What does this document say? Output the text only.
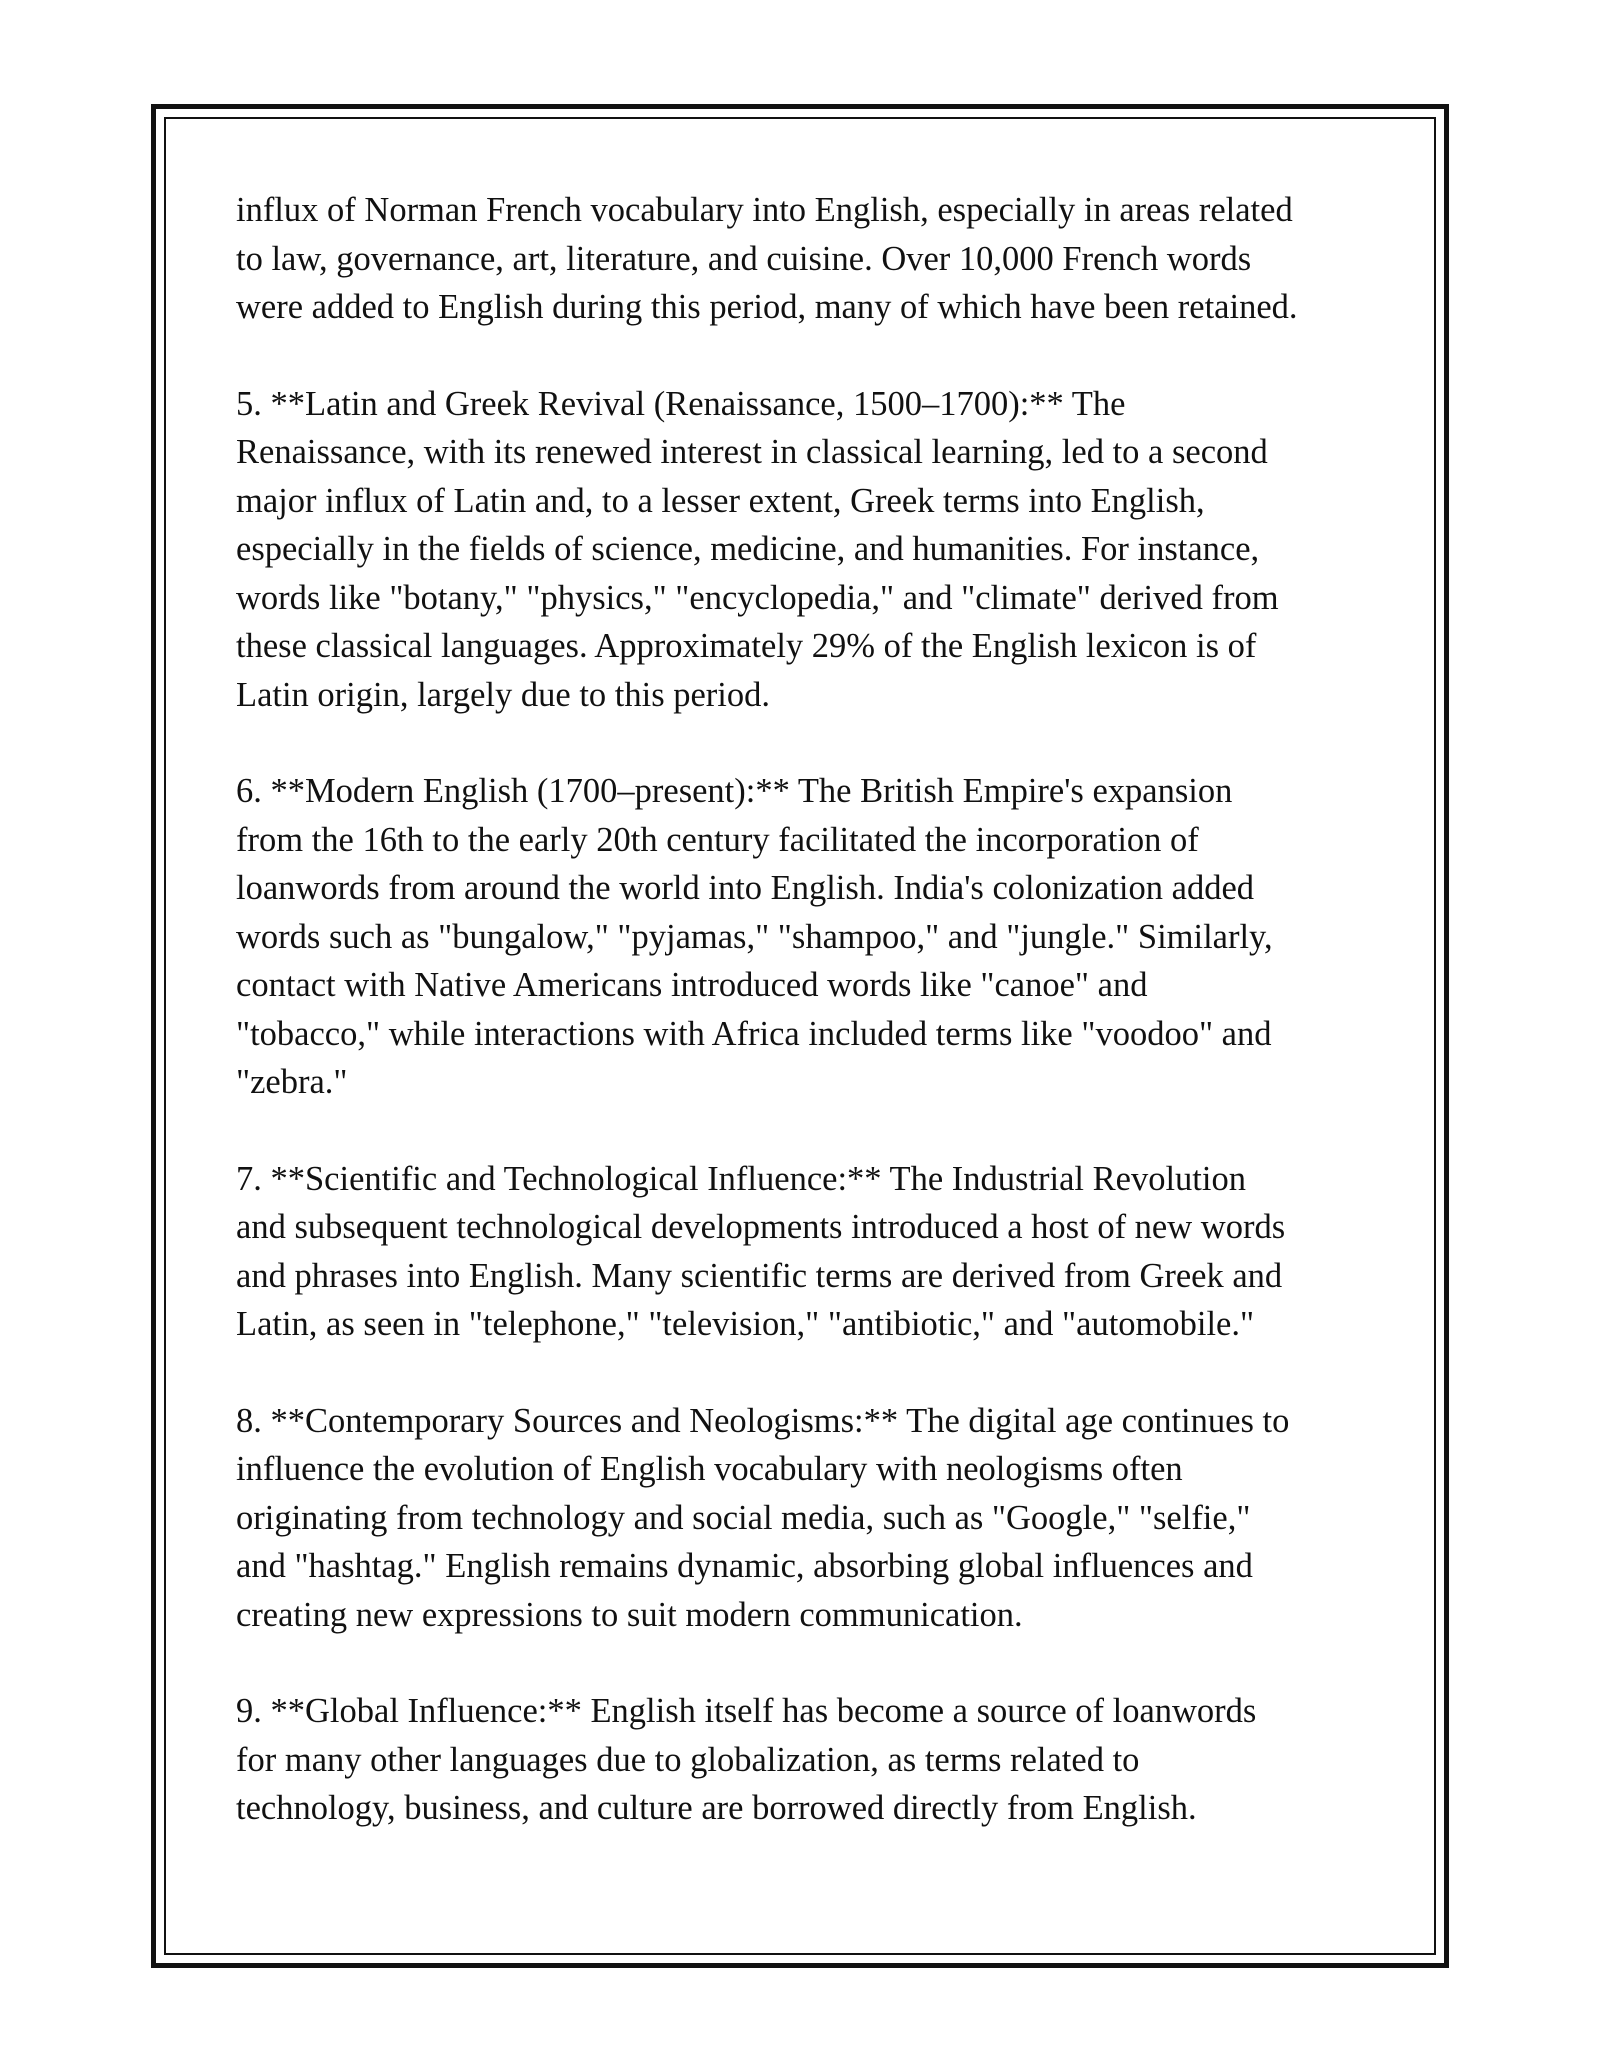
influx of Norman French vocabulary into English, especially in areas related
to law, governance, art, literature, and cuisine. Over 10,000 French words
were added to English during this period, many of which have been retained.

5. **Latin and Greek Revival (Renaissance, 1500–1700):** The
Renaissance, with its renewed interest in classical learning, led to a second
major influx of Latin and, to a lesser extent, Greek terms into English,
especially in the fields of science, medicine, and humanities. For instance,
words like "botany," "physics," "encyclopedia," and "climate" derived from
these classical languages. Approximately 29% of the English lexicon is of
Latin origin, largely due to this period.

6. **Modern English (1700–present):** The British Empire's expansion
from the 16th to the early 20th century facilitated the incorporation of
loanwords from around the world into English. India's colonization added
words such as "bungalow," "pyjamas," "shampoo," and "jungle." Similarly,
contact with Native Americans introduced words like "canoe" and
"tobacco," while interactions with Africa included terms like "voodoo" and
"zebra."

7. **Scientific and Technological Influence:** The Industrial Revolution
and subsequent technological developments introduced a host of new words
and phrases into English. Many scientific terms are derived from Greek and
Latin, as seen in "telephone," "television," "antibiotic," and "automobile."

8. **Contemporary Sources and Neologisms:** The digital age continues to
influence the evolution of English vocabulary with neologisms often
originating from technology and social media, such as "Google," "selfie,"
and "hashtag." English remains dynamic, absorbing global influences and
creating new expressions to suit modern communication.

9. **Global Influence:** English itself has become a source of loanwords
for many other languages due to globalization, as terms related to
technology, business, and culture are borrowed directly from English.
